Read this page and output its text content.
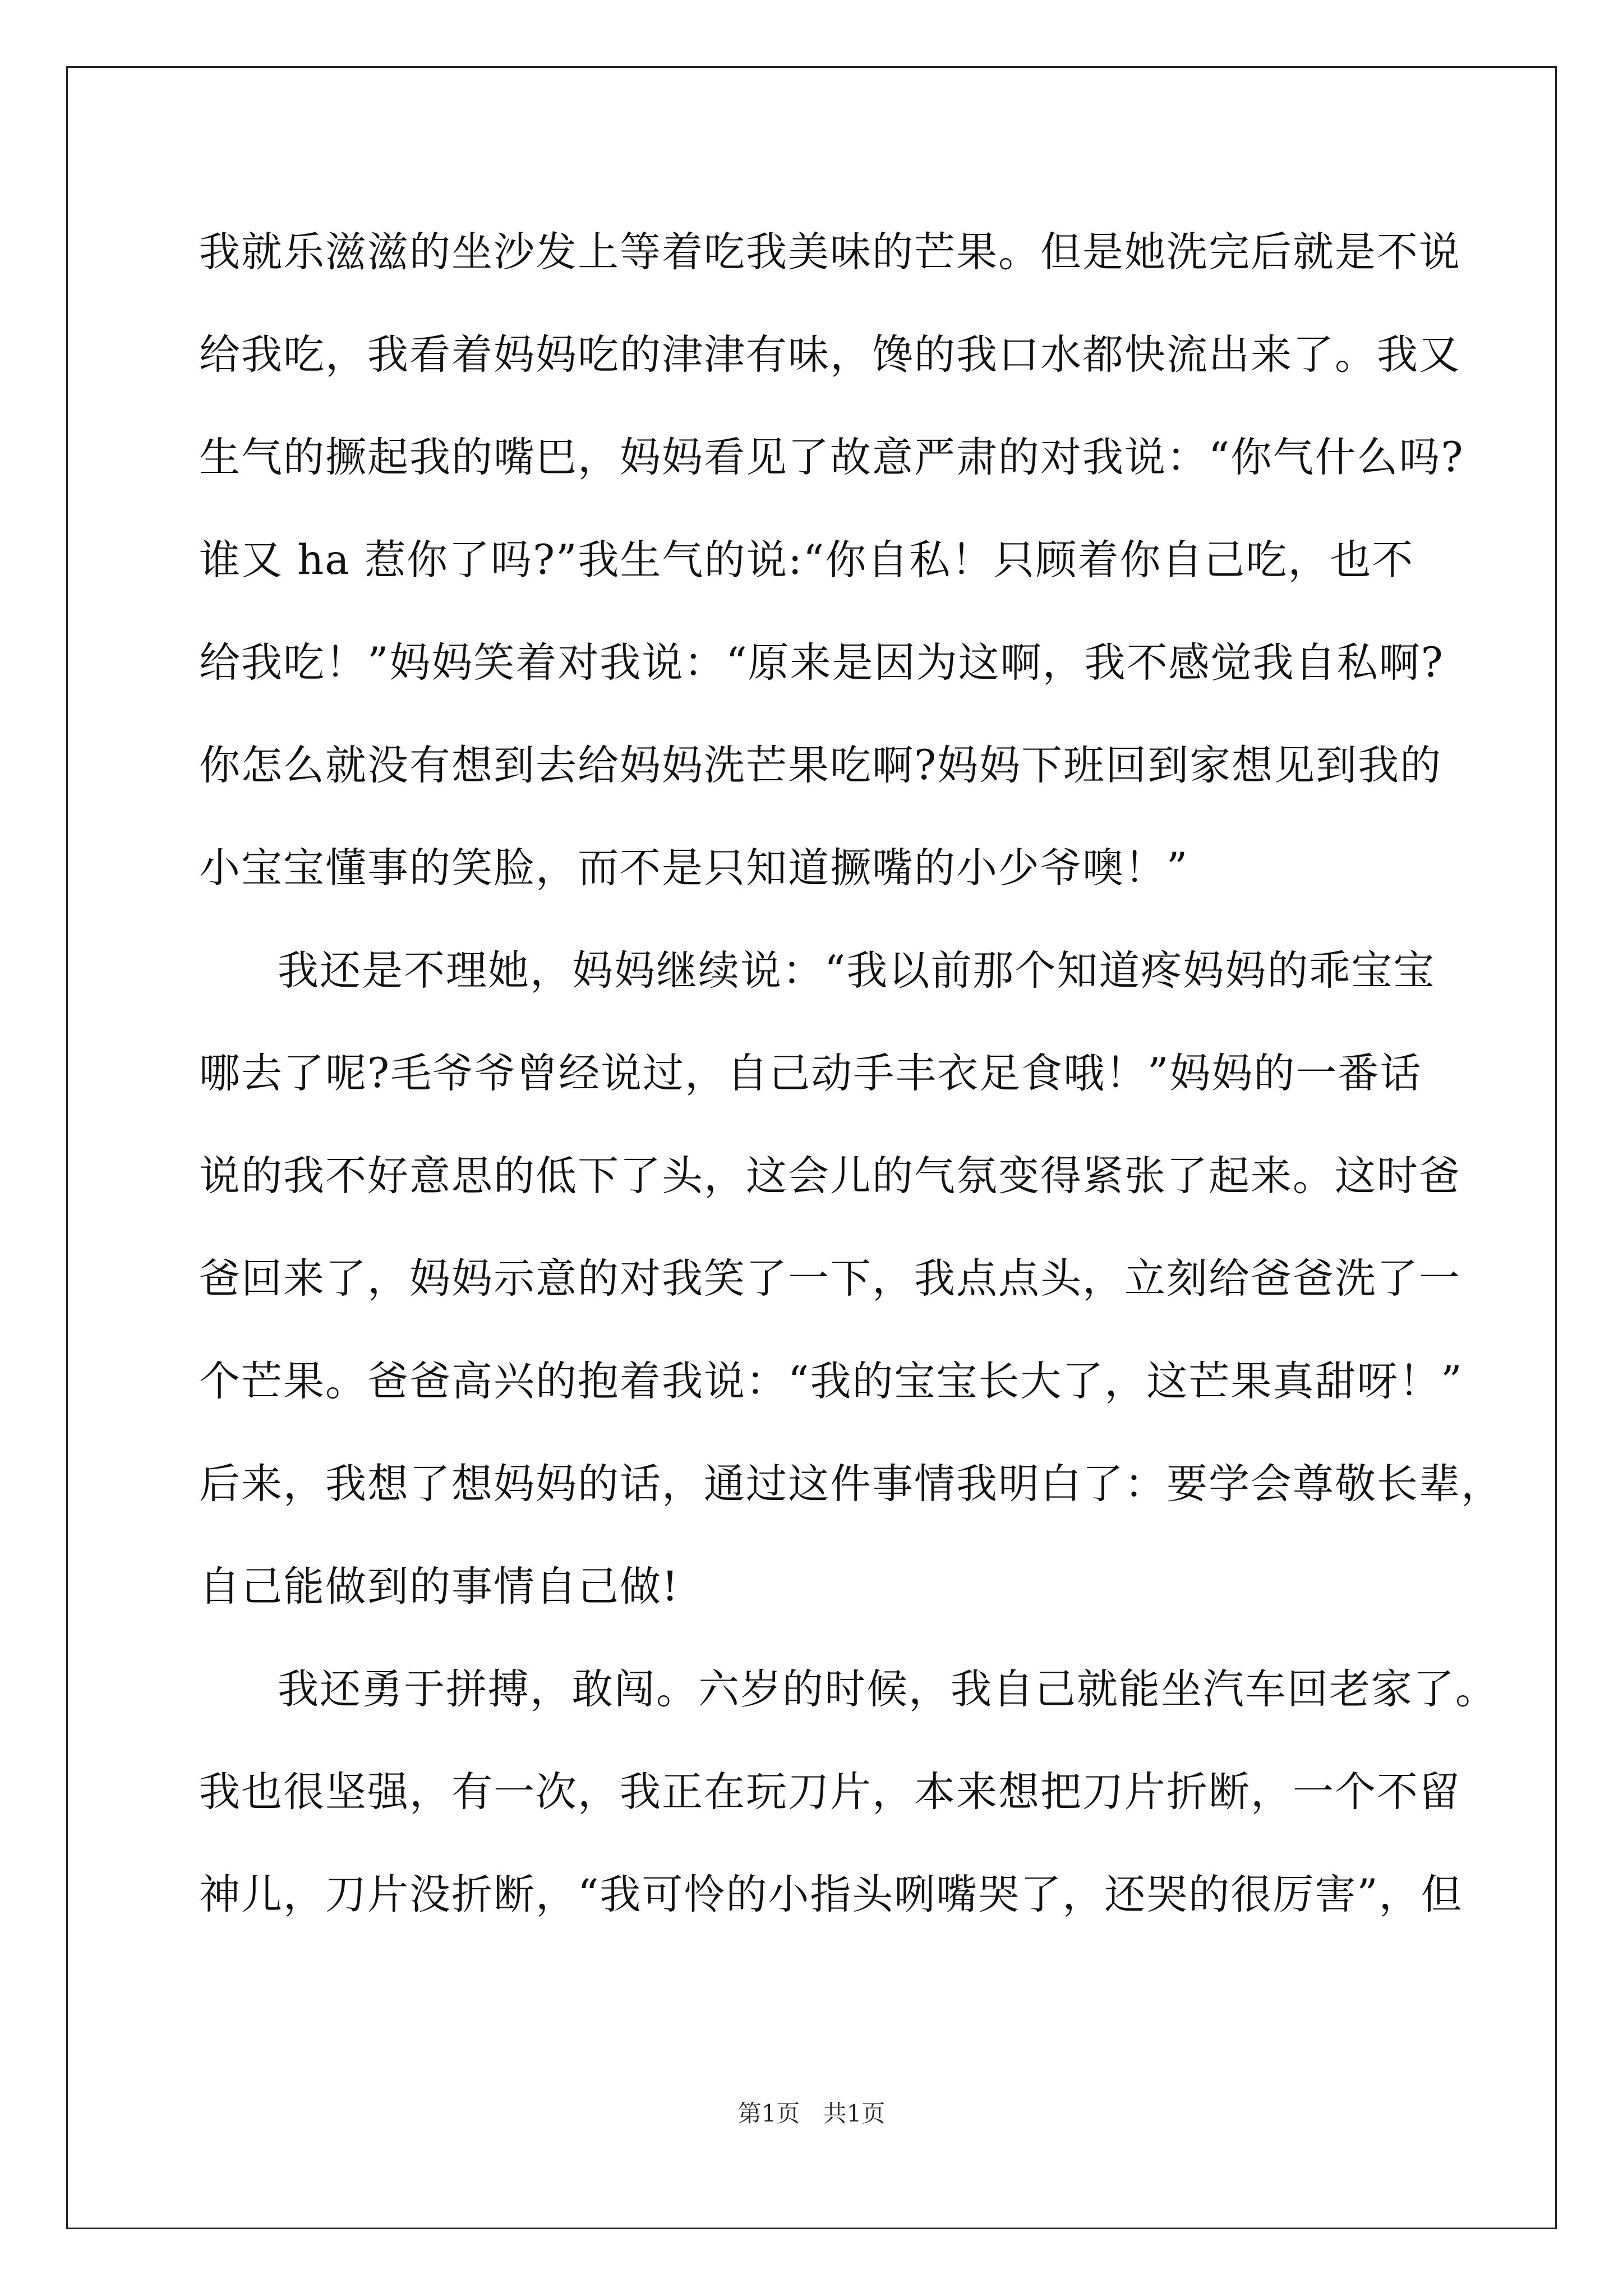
我就乐滋滋的坐沙发上等着吃我美味的芒果。但是她洗完后就是不说
给我吃，我看着妈妈吃的津津有味，馋的我口水都快流出来了。我又
生气的撅起我的嘴巴，妈妈看见了故意严肃的对我说：“你气什么吗?
谁又 ha 惹你了吗?”我生气的说:“你自私！只顾着你自己吃，也不
给我吃！”妈妈笑着对我说：“原来是因为这啊，我不感觉我自私啊?
你怎么就没有想到去给妈妈洗芒果吃啊?妈妈下班回到家想见到我的
小宝宝懂事的笑脸，而不是只知道撅嘴的小少爷噢！”
我还是不理她，妈妈继续说：“我以前那个知道疼妈妈的乖宝宝
哪去了呢?毛爷爷曾经说过，自己动手丰衣足食哦！”妈妈的一番话
说的我不好意思的低下了头，这会儿的气氛变得紧张了起来。这时爸
爸回来了，妈妈示意的对我笑了一下，我点点头，立刻给爸爸洗了一
个芒果。爸爸高兴的抱着我说：“我的宝宝长大了，这芒果真甜呀！”
后来，我想了想妈妈的话，通过这件事情我明白了：要学会尊敬长辈，
自己能做到的事情自己做!
我还勇于拼搏，敢闯。六岁的时候，我自己就能坐汽车回老家了。
我也很坚强，有一次，我正在玩刀片，本来想把刀片折断，一个不留
神儿，刀片没折断，“我可怜的小指头咧嘴哭了，还哭的很厉害”，但
第1页 共1页
